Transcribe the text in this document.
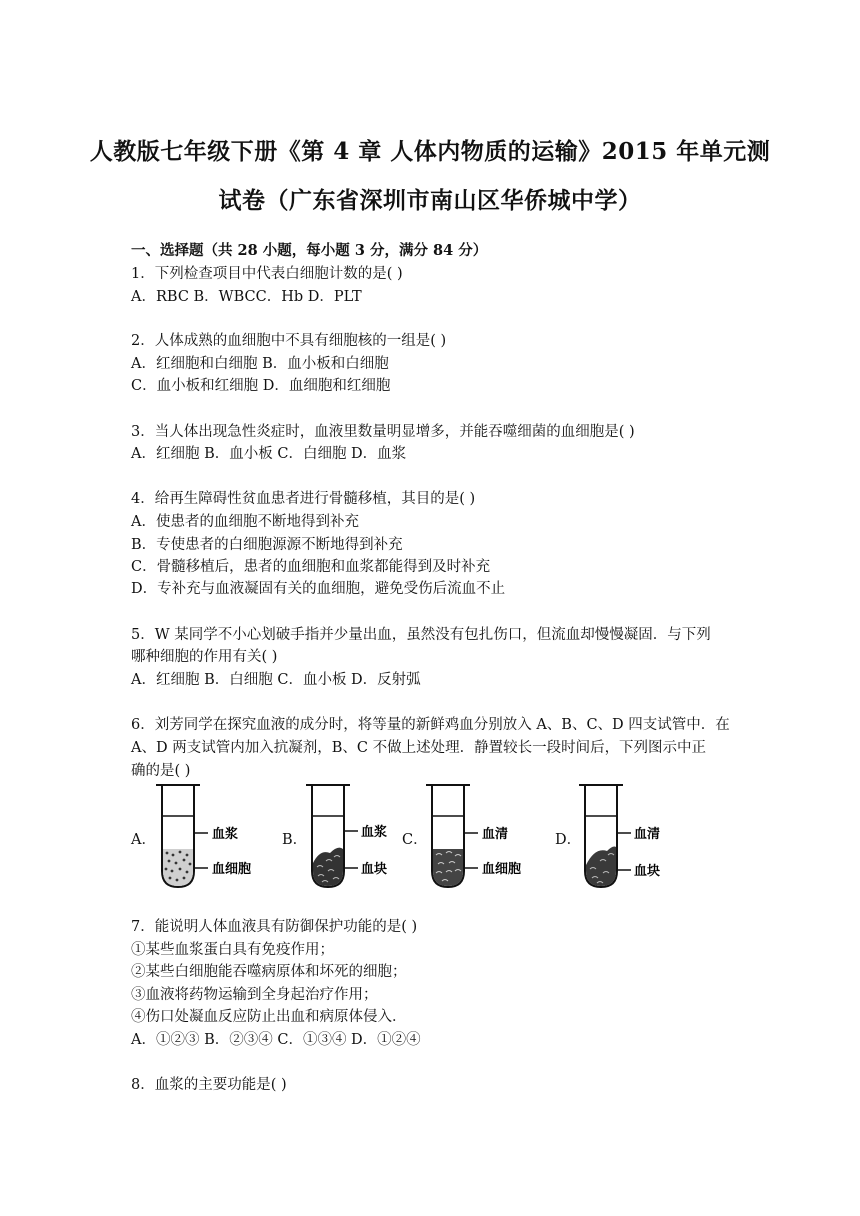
人教版七年级下册《第 4 章 人体内物质的运输》2015 年单元测
试卷（广东省深圳市南山区华侨城中学）
一、选择题（共 28 小题，每小题 3 分，满分 84 分）
1．下列检查项目中代表白细胞计数的是( )
A．RBC B．WBCC．Hb D．PLT
2．人体成熟的血细胞中不具有细胞核的一组是( )
A．红细胞和白细胞 B．血小板和白细胞
C．血小板和红细胞 D．血细胞和红细胞
3．当人体出现急性炎症时，血液里数量明显增多，并能吞噬细菌的血细胞是( )
A．红细胞 B．血小板 C．白细胞 D．血浆
4．给再生障碍性贫血患者进行骨髓移植，其目的是( )
A．使患者的血细胞不断地得到补充
B．专使患者的白细胞源源不断地得到补充
C．骨髓移植后，患者的血细胞和血浆都能得到及时补充
D．专补充与血液凝固有关的血细胞，避免受伤后流血不止
5．W 某同学不小心划破手指并少量出血，虽然没有包扎伤口，但流血却慢慢凝固．与下列
哪种细胞的作用有关( )
A．红细胞 B．白细胞 C．血小板 D．反射弧
6．刘芳同学在探究血液的成分时，将等量的新鲜鸡血分别放入 A、B、C、D 四支试管中．在
A、D 两支试管内加入抗凝剂，B、C 不做上述处理．静置较长一段时间后，下列图示中正
确的是( )
A．	血浆
血细胞
B．	血浆
血块
C．	血清
血细胞
D．	血清
血块
7．能说明人体血液具有防御保护功能的是( )
①某些血浆蛋白具有免疫作用；
②某些白细胞能吞噬病原体和坏死的细胞；
③血液将药物运输到全身起治疗作用；
④伤口处凝血反应防止出血和病原体侵入．
A．①②③ B．②③④ C．①③④ D．①②④
8．血浆的主要功能是( )
